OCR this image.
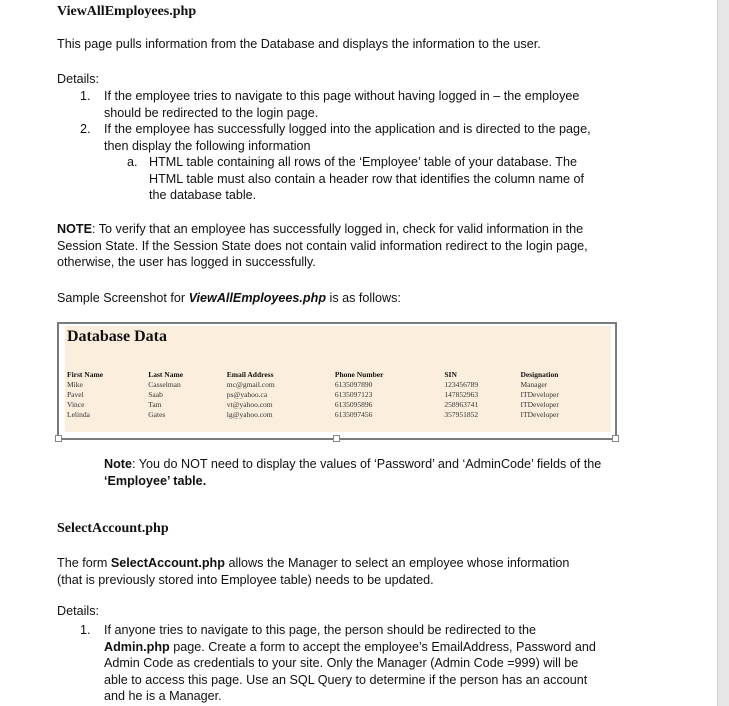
ViewAllEmployees.php
This page pulls information from the Database and displays the information to the user.
Details:
1. If the employee tries to navigate to this page without having logged in – the employee
should be redirected to the login page.
2. If the employee has successfully logged into the application and is directed to the page,
then display the following information
a. HTML table containing all rows of the ‘Employee’ table of your database. The
HTML table must also contain a header row that identifies the column name of
the database table.
NOTE: To verify that an employee has successfully logged in, check for valid information in the
Session State. If the Session State does not contain valid information redirect to the login page,
otherwise, the user has logged in successfully.
Sample Screenshot for ViewAllEmployees.php is as follows:
Database Data
First Name	Last Name	Email Address	Phone Number	SIN	Designation
Mike	Casselman	mc@gmail.com	6135097890	123456789	Manager
Pavel	Saab	ps@yahoo.ca	6135097123	147852963	ITDeveloper
Vince	Tam	vt@yahoo.com	6135095896	258963741	ITDeveloper
Lelinda	Gates	lg@yahoo.com	6135097456	357951852	ITDeveloper
Note: You do NOT need to display the values of ‘Password’ and ‘AdminCode’ fields of the
‘Employee’ table.
SelectAccount.php
The form SelectAccount.php allows the Manager to select an employee whose information
(that is previously stored into Employee table) needs to be updated.
Details:
1. If anyone tries to navigate to this page, the person should be redirected to the
Admin.php page. Create a form to accept the employee’s EmailAddress, Password and
Admin Code as credentials to your site. Only the Manager (Admin Code =999) will be
able to access this page. Use an SQL Query to determine if the person has an account
and he is a Manager.
